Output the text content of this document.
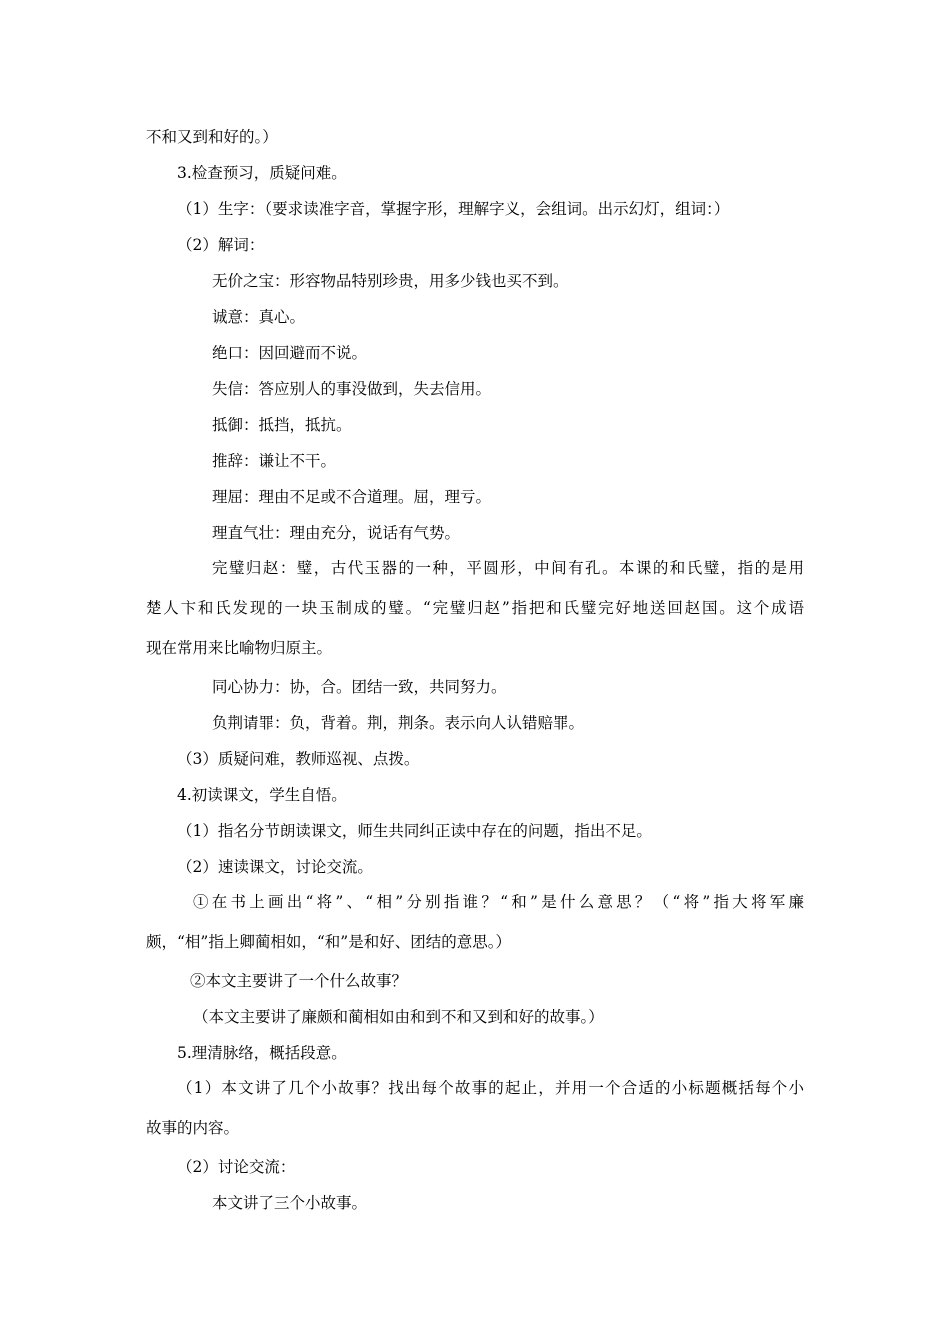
不和又到和好的。）
3.检查预习，质疑问难。
（1）生字：（要求读准字音，掌握字形，理解字义，会组词。出示幻灯，组词：）
（2）解词：
无价之宝：形容物品特别珍贵，用多少钱也买不到。
诚意：真心。
绝口：因回避而不说。
失信：答应别人的事没做到，失去信用。
抵御：抵挡，抵抗。
推辞：谦让不干。
理屈：理由不足或不合道理。屈，理亏。
理直气壮：理由充分，说话有气势。
完璧归赵：璧，古代玉器的一种，平圆形，中间有孔。本课的和氏璧，指的是用
楚人卞和氏发现的一块玉制成的璧。“完璧归赵”指把和氏璧完好地送回赵国。这个成语
现在常用来比喻物归原主。
同心协力：协，合。团结一致，共同努力。
负荆请罪：负，背着。荆，荆条。表示向人认错赔罪。
（3）质疑问难，教师巡视、点拨。
4.初读课文，学生自悟。
（1）指名分节朗读课文，师生共同纠正读中存在的问题，指出不足。
（2）速读课文，讨论交流。
①在书上画出“将”、“相”分别指谁？“和”是什么意思？（“将”指大将军廉
颇，“相”指上卿蔺相如，“和”是和好、团结的意思。）
②本文主要讲了一个什么故事？
（本文主要讲了廉颇和蔺相如由和到不和又到和好的故事。）
5.理清脉络，概括段意。
（1）本文讲了几个小故事？找出每个故事的起止，并用一个合适的小标题概括每个小
故事的内容。
（2）讨论交流：
本文讲了三个小故事。
